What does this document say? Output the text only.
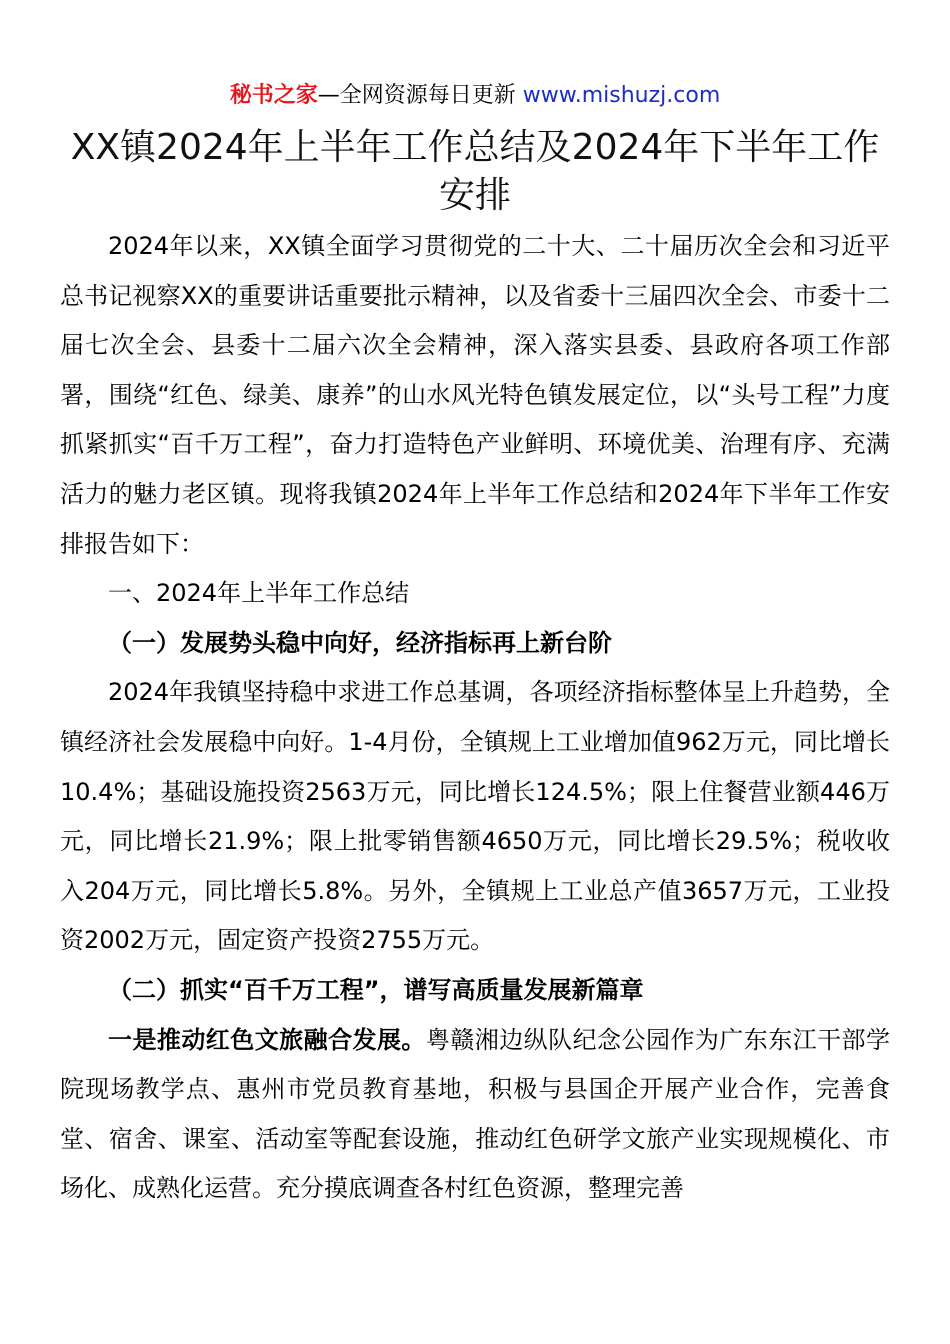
秘书之家—全网资源每日更新 www.mishuzj.com
XX镇2024年上半年工作总结及2024年下半年工作安排

2024年以来，XX镇全面学习贯彻党的二十大、二十届历次全会和习近平总书记视察XX的重要讲话重要批示精神，以及省委十三届四次全会、市委十二届七次全会、县委十二届六次全会精神，深入落实县委、县政府各项工作部署，围绕“红色、绿美、康养”的山水风光特色镇发展定位，以“头号工程”力度抓紧抓实“百千万工程”，奋力打造特色产业鲜明、环境优美、治理有序、充满活力的魅力老区镇。现将我镇2024年上半年工作总结和2024年下半年工作安排报告如下：

一、2024年上半年工作总结

（一）发展势头稳中向好，经济指标再上新台阶

2024年我镇坚持稳中求进工作总基调，各项经济指标整体呈上升趋势，全镇经济社会发展稳中向好。1-4月份，全镇规上工业增加值962万元，同比增长10.4%；基础设施投资2563万元，同比增长124.5%；限上住餐营业额446万元，同比增长21.9%；限上批零销售额4650万元，同比增长29.5%；税收收入204万元，同比增长5.8%。另外，全镇规上工业总产值3657万元，工业投资2002万元，固定资产投资2755万元。

（二）抓实“百千万工程”，谱写高质量发展新篇章

一是推动红色文旅融合发展。粤赣湘边纵队纪念公园作为广东东江干部学院现场教学点、惠州市党员教育基地，积极与县国企开展产业合作，完善食堂、宿舍、课室、活动室等配套设施，推动红色研学文旅产业实现规模化、市场化、成熟化运营。充分摸底调查各村红色资源，整理完善
